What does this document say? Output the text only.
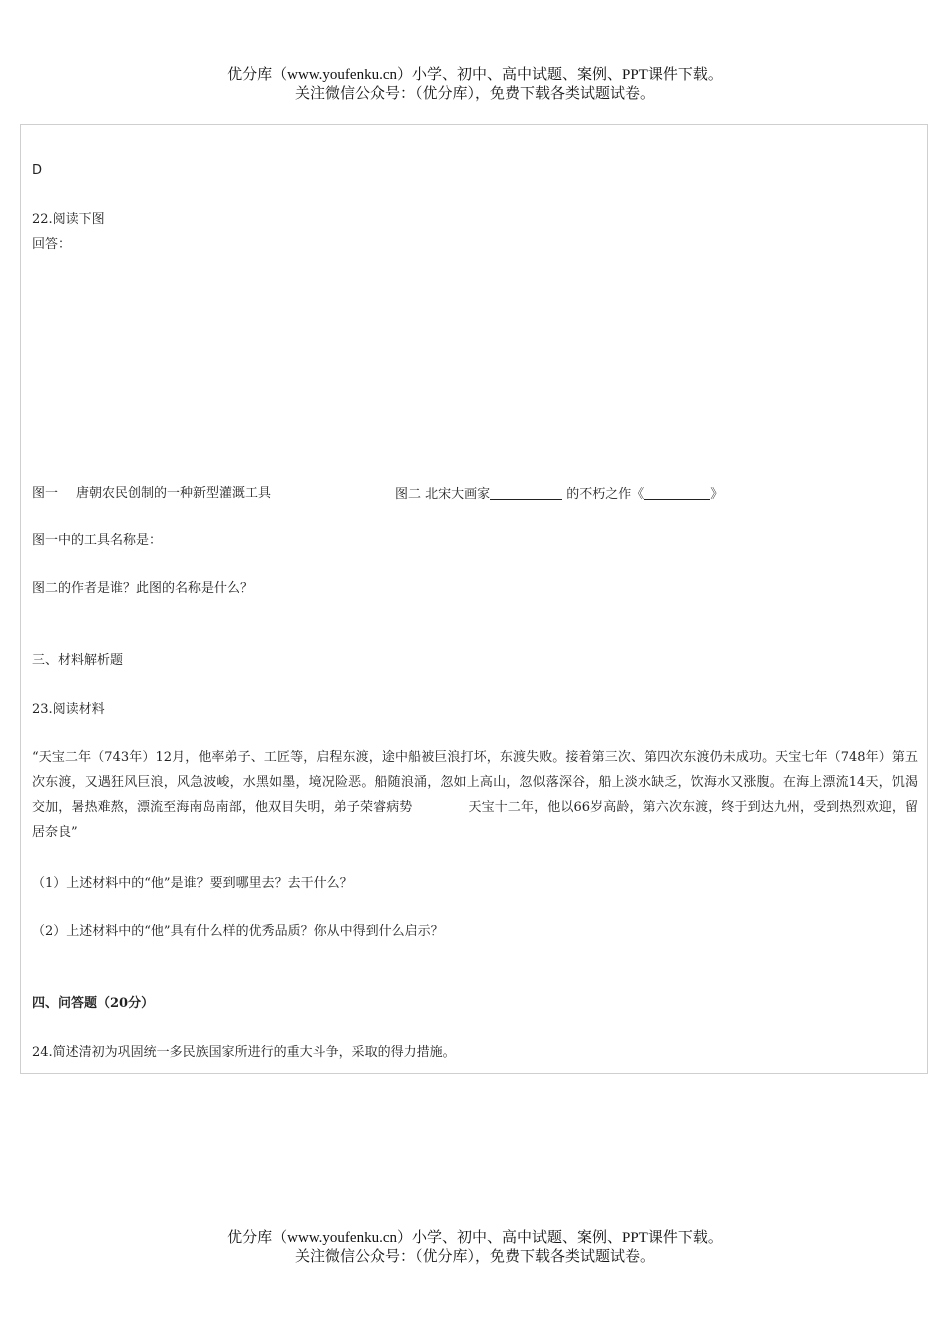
优分库（www.youfenku.cn）小学、初中、高中试题、案例、PPT课件下载。
关注微信公众号：（优分库），免费下载各类试题试卷。
D
22.阅读下图
回答：
图一 唐朝农民创制的一种新型灌溉工具	图二 北宋大画家	的不朽之作《	》
图一中的工具名称是：
图二的作者是谁？此图的名称是什么？
三、材料解析题
23.阅读材料
“天宝二年（743年）12月，他率弟子、工匠等，启程东渡，途中船被巨浪打坏，东渡失败。接着第三次、第四次东渡仍未成功。天宝七年（748年）第五次东渡，又遇狂风巨浪，风急波峻，水黑如墨，境况险恶。船随浪涌，忽如上高山，忽似落深谷，船上淡水缺乏，饮海水又涨腹。在海上漂流14天，饥渴交加，暑热难熬，漂流至海南岛南部，他双目失明，弟子荣睿病势	天宝十二年，他以66岁高龄，第六次东渡，终于到达九州，受到热烈欢迎，留居奈良”
（1）上述材料中的“他”是谁？要到哪里去？去干什么？
（2）上述材料中的“他”具有什么样的优秀品质？你从中得到什么启示？
四、问答题（20分）
24.简述清初为巩固统一多民族国家所进行的重大斗争，采取的得力措施。
优分库（www.youfenku.cn）小学、初中、高中试题、案例、PPT课件下载。
关注微信公众号：（优分库），免费下载各类试题试卷。
